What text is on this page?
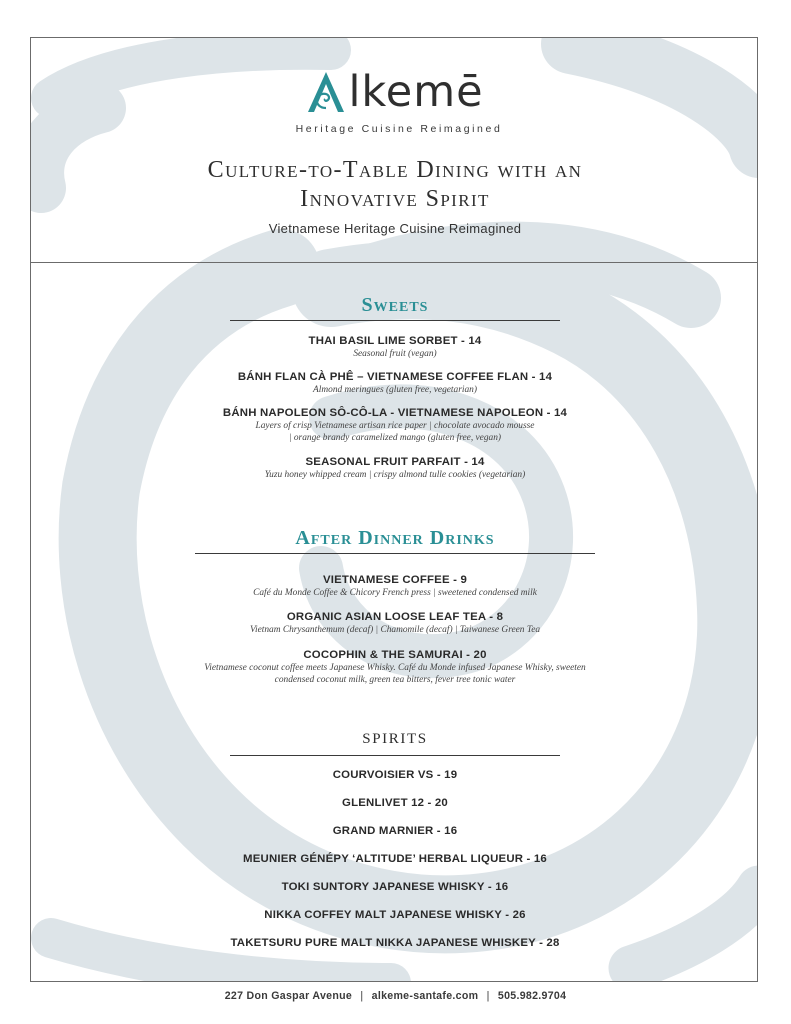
lkemē
Heritage Cuisine Reimagined
Culture-to-Table Dining with an
Innovative Spirit
Vietnamese Heritage Cuisine Reimagined
Sweets
THAI BASIL LIME SORBET - 14
Seasonal fruit (vegan)
BÁNH FLAN CÀ PHÊ – VIETNAMESE COFFEE FLAN - 14
Almond meringues (gluten free, vegetarian)
BÁNH NAPOLEON SÔ-CÔ-LA - VIETNAMESE NAPOLEON - 14
Layers of crisp Vietnamese artisan rice paper | chocolate avocado mousse
| orange brandy caramelized mango (gluten free, vegan)
SEASONAL FRUIT PARFAIT - 14
Yuzu honey whipped cream | crispy almond tulle cookies (vegetarian)
After Dinner Drinks
VIETNAMESE COFFEE - 9
Café du Monde Coffee & Chicory French press | sweetened condensed milk
ORGANIC ASIAN LOOSE LEAF TEA - 8
Vietnam Chrysanthemum (decaf) | Chamomile (decaf) | Taiwanese Green Tea
COCOPHIN & THE SAMURAI - 20
Vietnamese coconut coffee meets Japanese Whisky. Café du Monde infused Japanese Whisky, sweeten
condensed coconut milk, green tea bitters, fever tree tonic water
SPIRITS
COURVOISIER VS - 19
GLENLIVET 12 - 20
GRAND MARNIER - 16
MEUNIER GÉNÉPY ‘ALTITUDE’ HERBAL LIQUEUR - 16
TOKI SUNTORY JAPANESE WHISKY - 16
NIKKA COFFEY MALT JAPANESE WHISKY - 26
TAKETSURU PURE MALT NIKKA JAPANESE WHISKEY - 28
227 Don Gaspar Avenue | alkeme-santafe.com | 505.982.9704
